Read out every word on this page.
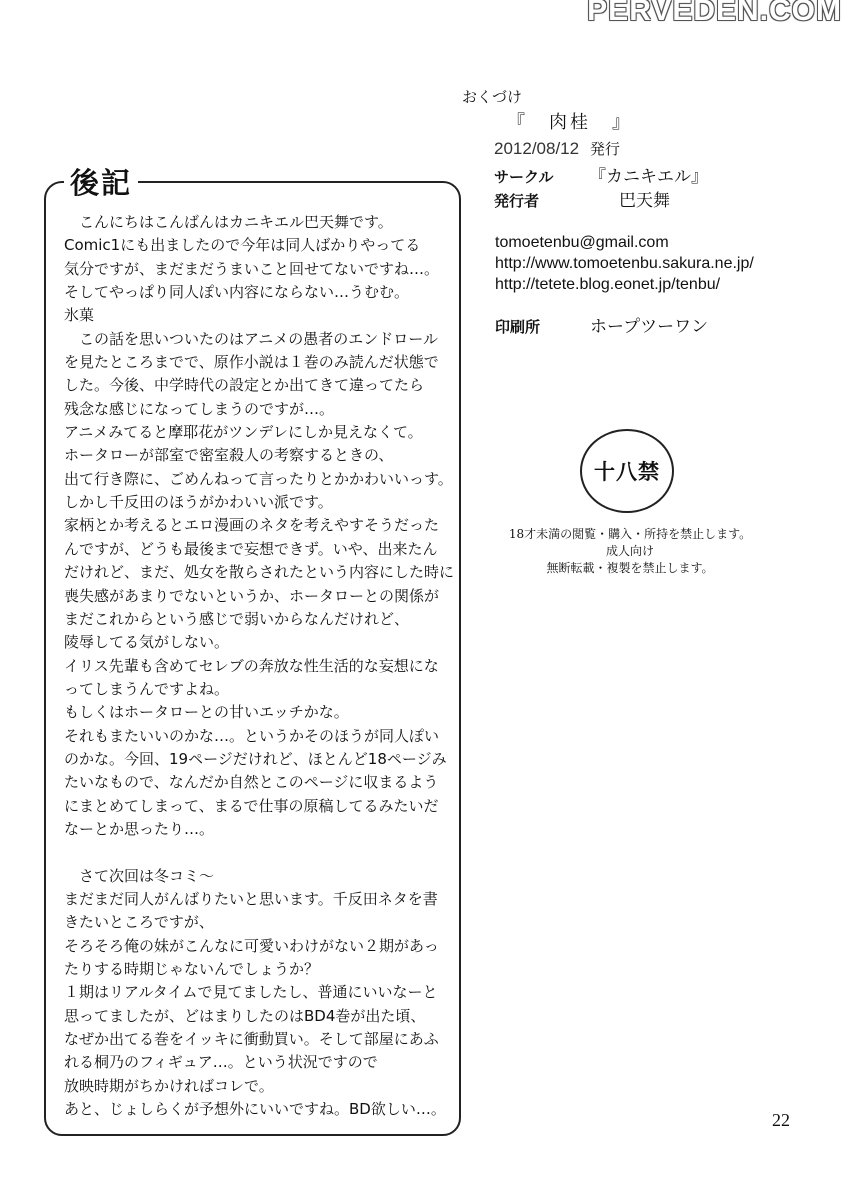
PERVEDEN.COM
後記
　こんにちはこんばんはカニキエル巴天舞です。
Comic1にも出ましたので今年は同人ばかりやってる
気分ですが、まだまだうまいこと回せてないですね…。
そしてやっぱり同人ぽい内容にならない…うむむ。
氷菓
　この話を思いついたのはアニメの愚者のエンドロール
を見たところまでで、原作小説は１巻のみ読んだ状態で
した。今後、中学時代の設定とか出てきて違ってたら
残念な感じになってしまうのですが…。
アニメみてると摩耶花がツンデレにしか見えなくて。
ホータローが部室で密室殺人の考察するときの、
出て行き際に、ごめんねって言ったりとかかわいいっす。
しかし千反田のほうがかわいい派です。
家柄とか考えるとエロ漫画のネタを考えやすそうだった
んですが、どうも最後まで妄想できず。いや、出来たん
だけれど、まだ、処女を散らされたという内容にした時に
喪失感があまりでないというか、ホータローとの関係が
まだこれからという感じで弱いからなんだけれど、
陵辱してる気がしない。
イリス先輩も含めてセレブの奔放な性生活的な妄想にな
ってしまうんですよね。
もしくはホータローとの甘いエッチかな。
それもまたいいのかな…。というかそのほうが同人ぽい
のかな。今回、19ページだけれど、ほとんど18ページみ
たいなもので、なんだか自然とこのページに収まるよう
にまとめてしまって、まるで仕事の原稿してるみたいだ
なーとか思ったり…。
　さて次回は冬コミ～
まだまだ同人がんばりたいと思います。千反田ネタを書
きたいところですが、
そろそろ俺の妹がこんなに可愛いわけがない２期があっ
たりする時期じゃないんでしょうか？
１期はリアルタイムで見てましたし、普通にいいなーと
思ってましたが、どはまりしたのはBD4巻が出た頃、
なぜか出てる巻をイッキに衝動買い。そして部屋にあふ
れる桐乃のフィギュア…。という状況ですので
放映時期がちかければコレで。
あと、じょしらくが予想外にいいですね。BD欲しい…。
おくづけ
『　肉桂　』
2012/08/12 発行
サークル 『カニキエル』
発行者	巴天舞
tomoetenbu@gmail.com
http://www.tomoetenbu.sakura.ne.jp/
http://tetete.blog.eonet.jp/tenbu/
印刷所	ホープツーワン
十八禁
18才未満の閲覧・購入・所持を禁止します。
成人向け
無断転載・複製を禁止します。
22
